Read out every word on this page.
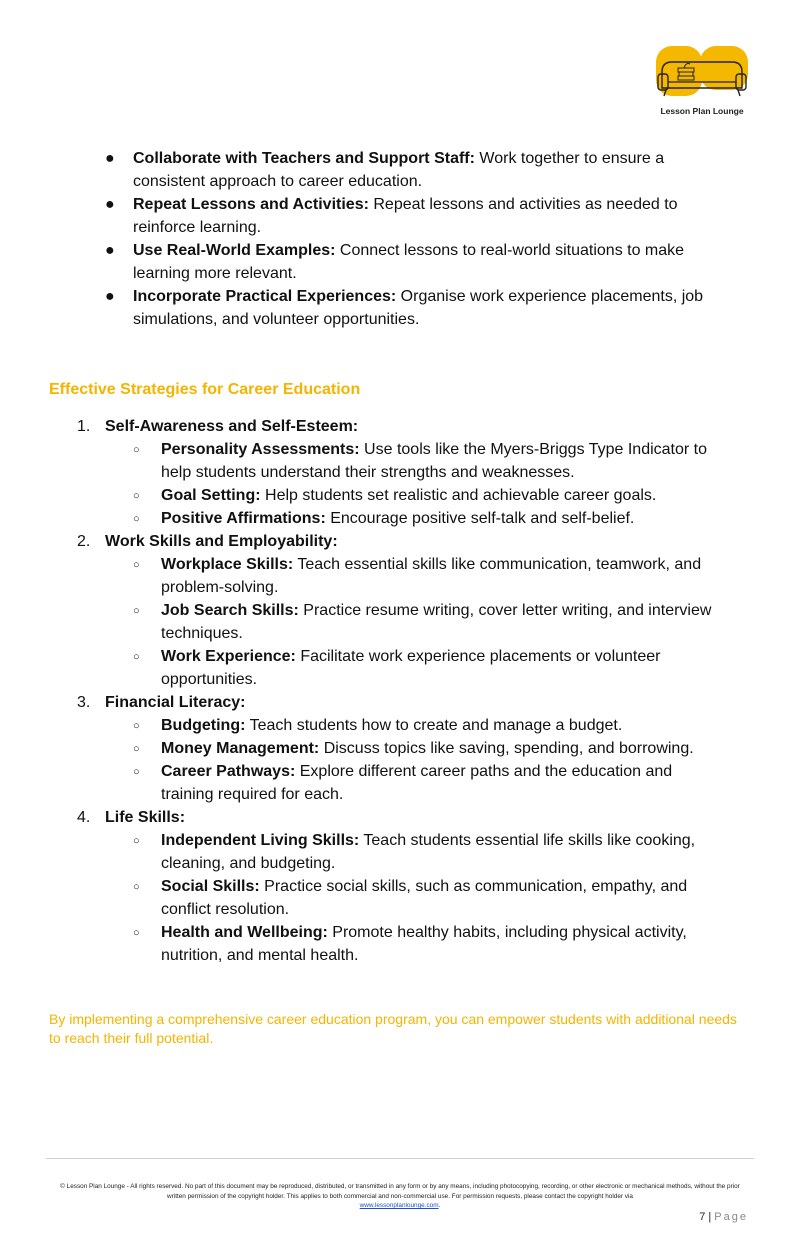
Lesson Plan Lounge
● Collaborate with Teachers and Support Staff: Work together to ensure a
consistent approach to career education.
● Repeat Lessons and Activities: Repeat lessons and activities as needed to
reinforce learning.
● Use Real-World Examples: Connect lessons to real-world situations to make
learning more relevant.
● Incorporate Practical Experiences: Organise work experience placements, job
simulations, and volunteer opportunities.
Effective Strategies for Career Education
1. Self-Awareness and Self-Esteem:
○ Personality Assessments: Use tools like the Myers-Briggs Type Indicator to
help students understand their strengths and weaknesses.
○ Goal Setting: Help students set realistic and achievable career goals.
○ Positive Affirmations: Encourage positive self-talk and self-belief.
2. Work Skills and Employability:
○ Workplace Skills: Teach essential skills like communication, teamwork, and
problem-solving.
○ Job Search Skills: Practice resume writing, cover letter writing, and interview
techniques.
○ Work Experience: Facilitate work experience placements or volunteer
opportunities.
3. Financial Literacy:
○ Budgeting: Teach students how to create and manage a budget.
○ Money Management: Discuss topics like saving, spending, and borrowing.
○ Career Pathways: Explore different career paths and the education and
training required for each.
4. Life Skills:
○ Independent Living Skills: Teach students essential life skills like cooking,
cleaning, and budgeting.
○ Social Skills: Practice social skills, such as communication, empathy, and
conflict resolution.
○ Health and Wellbeing: Promote healthy habits, including physical activity,
nutrition, and mental health.
By implementing a comprehensive career education program, you can empower students with additional needs to reach their full potential.
© Lesson Plan Lounge - All rights reserved. No part of this document may be reproduced, distributed, or transmitted in any form or by any means, including photocopying, recording, or other electronic or mechanical methods, without the prior written permission of the copyright holder. This applies to both commercial and non-commercial use. For permission requests, please contact the copyright holder via
www.lessonplanlounge.com.
7 | Page
